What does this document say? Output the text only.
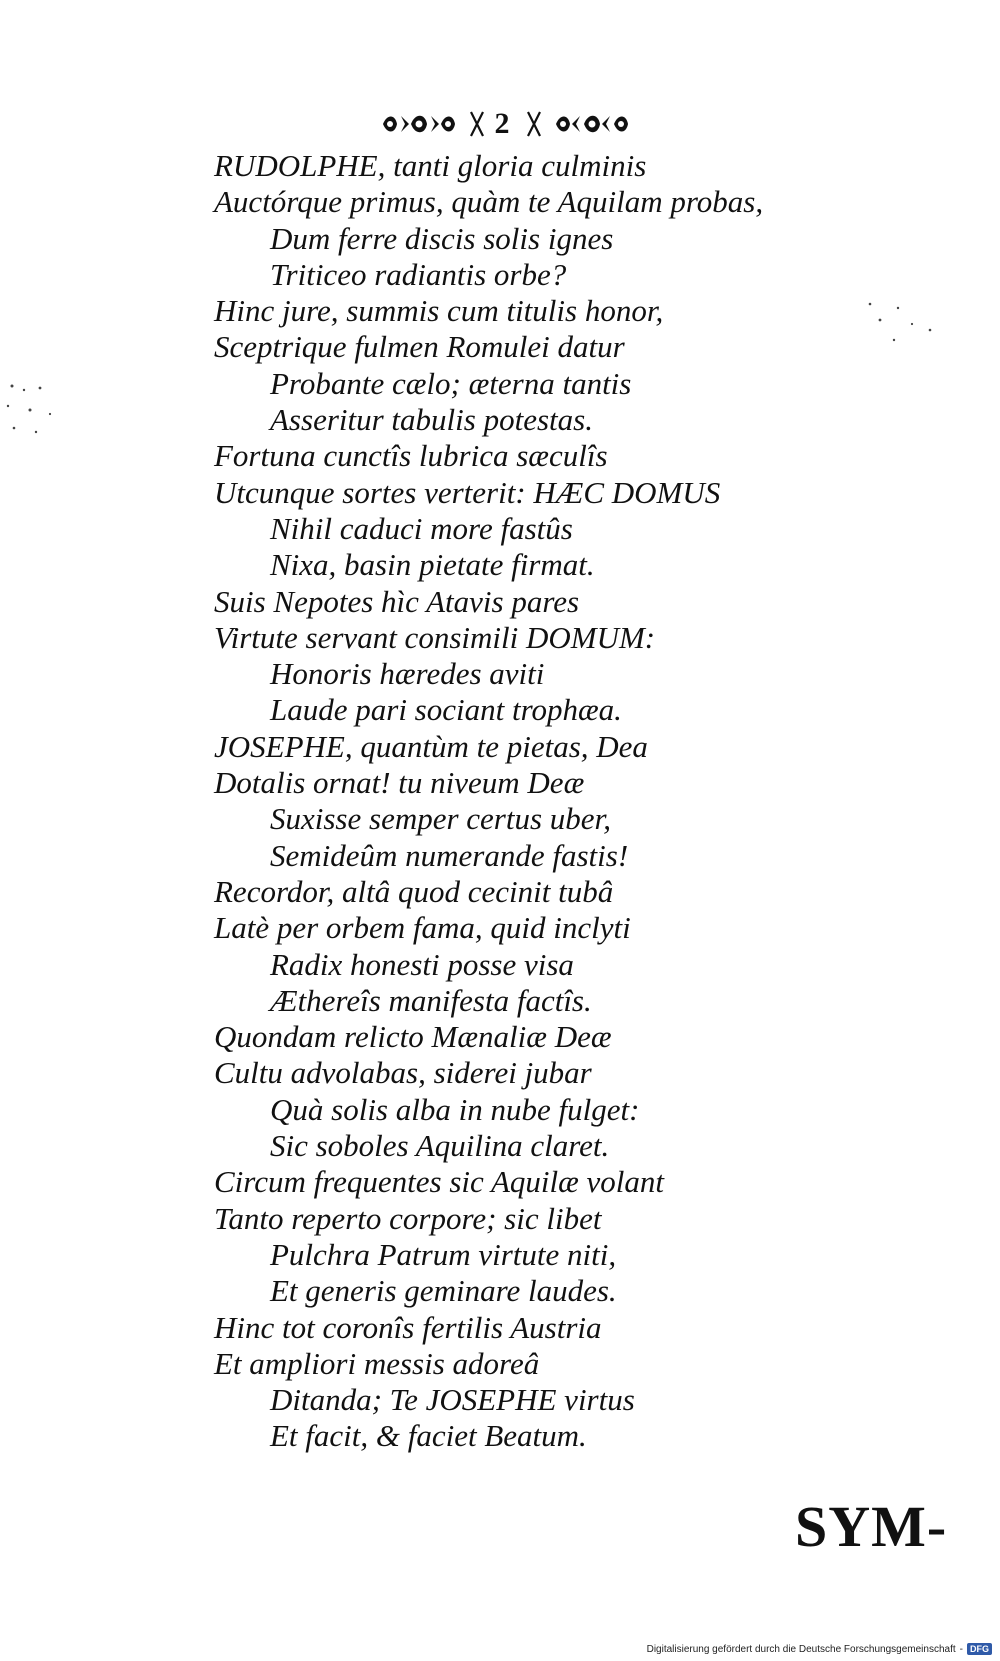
2
RUDOLPHE, tanti gloria culminis
Auctórque primus, quàm te Aquilam probas,
Dum ferre discis solis ignes
Triticeo radiantis orbe?
Hinc jure, summis cum titulis honor,
Sceptrique fulmen Romulei datur
Probante cælo; æterna tantis
Asseritur tabulis potestas.
Fortuna cunctîs lubrica sæculîs
Utcunque sortes verterit: HÆC DOMUS
Nihil caduci more fastûs
Nixa, basin pietate firmat.
Suis Nepotes hìc Atavis pares
Virtute servant consimili DOMUM:
Honoris hæredes aviti
Laude pari sociant trophæa.
JOSEPHE, quantùm te pietas, Dea
Dotalis ornat! tu niveum Deæ
Suxisse semper certus uber,
Semideûm numerande fastis!
Recordor, altâ quod cecinit tubâ
Latè per orbem fama, quid inclyti
Radix honesti posse visa
Æthereîs manifesta factîs.
Quondam relicto Mænaliæ Deæ
Cultu advolabas, siderei jubar
Quà solis alba in nube fulget:
Sic soboles Aquilina claret.
Circum frequentes sic Aquilæ volant
Tanto reperto corpore; sic libet
Pulchra Patrum virtute niti,
Et generis geminare laudes.
Hinc tot coronîs fertilis Austria
Et ampliori messis adoreâ
Ditanda; Te JOSEPHE virtus
Et facit, & faciet Beatum.
SYM-
Digitalisierung gefördert durch die Deutsche Forschungsgemeinschaft - DFG
